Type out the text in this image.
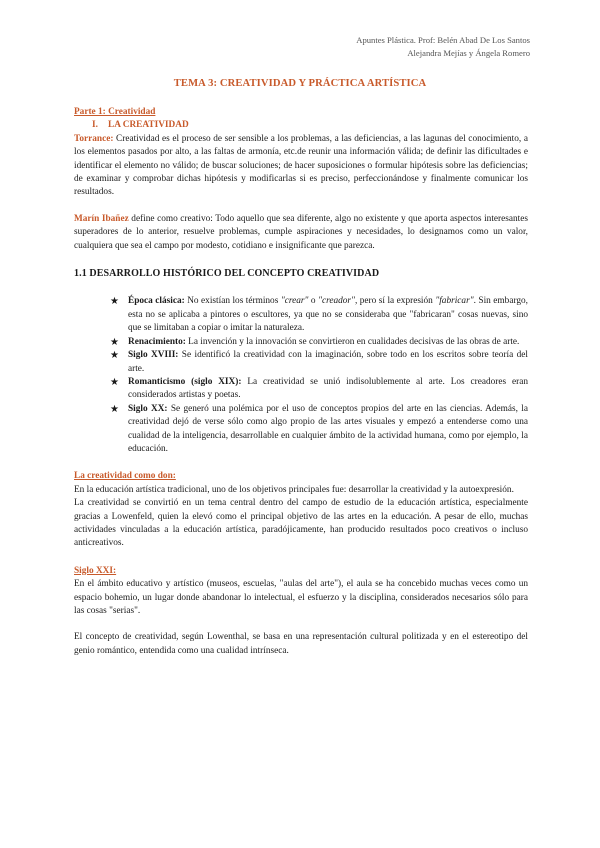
Apuntes Plástica. Prof: Belén Abad De Los Santos
Alejandra Mejías y Ángela Romero
TEMA 3: CREATIVIDAD Y PRÁCTICA ARTÍSTICA
Parte 1: Creatividad
I. LA CREATIVIDAD

Torrance: Creatividad es el proceso de ser sensible a los problemas, a las deficiencias, a las lagunas del conocimiento, a los elementos pasados por alto, a las faltas de armonía, etc.de reunir una información válida; de definir las dificultades e identificar el elemento no válido; de buscar soluciones; de hacer suposiciones o formular hipótesis sobre las deficiencias; de examinar y comprobar dichas hipótesis y modificarlas si es preciso, perfeccionándose y finalmente comunicar los resultados.

Marín Ibañez define como creativo: Todo aquello que sea diferente, algo no existente y que aporta aspectos interesantes superadores de lo anterior, resuelve problemas, cumple aspiraciones y necesidades, lo designamos como un valor, cualquiera que sea el campo por modesto, cotidiano e insignificante que parezca.

1.1 DESARROLLO HISTÓRICO DEL CONCEPTO CREATIVIDAD
★ Época clásica: No existían los términos "crear" o "creador", pero sí la expresión "fabricar". Sin embargo, esta no se aplicaba a pintores o escultores, ya que no se consideraba que "fabricaran" cosas nuevas, sino que se limitaban a copiar o imitar la naturaleza.
★ Renacimiento: La invención y la innovación se convirtieron en cualidades decisivas de las obras de arte.
★ Siglo XVIII: Se identificó la creatividad con la imaginación, sobre todo en los escritos sobre teoría del arte.
★ Romanticismo (siglo XIX): La creatividad se unió indisolublemente al arte. Los creadores eran considerados artistas y poetas.
★ Siglo XX: Se generó una polémica por el uso de conceptos propios del arte en las ciencias. Además, la creatividad dejó de verse sólo como algo propio de las artes visuales y empezó a entenderse como una cualidad de la inteligencia, desarrollable en cualquier ámbito de la actividad humana, como por ejemplo, la educación.
La creatividad como don:

En la educación artística tradicional, uno de los objetivos principales fue: desarrollar la creatividad y la autoexpresión.

La creatividad se convirtió en un tema central dentro del campo de estudio de la educación artística, especialmente gracias a Lowenfeld, quien la elevó como el principal objetivo de las artes en la educación. A pesar de ello, muchas actividades vinculadas a la educación artística, paradójicamente, han producido resultados poco creativos o incluso anticreativos.

Siglo XXI:

En el ámbito educativo y artístico (museos, escuelas, "aulas del arte"), el aula se ha concebido muchas veces como un espacio bohemio, un lugar donde abandonar lo intelectual, el esfuerzo y la disciplina, considerados necesarios sólo para las cosas "serias".

El concepto de creatividad, según Lowenthal, se basa en una representación cultural politizada y en el estereotipo del genio romántico, entendida como una cualidad intrínseca.
